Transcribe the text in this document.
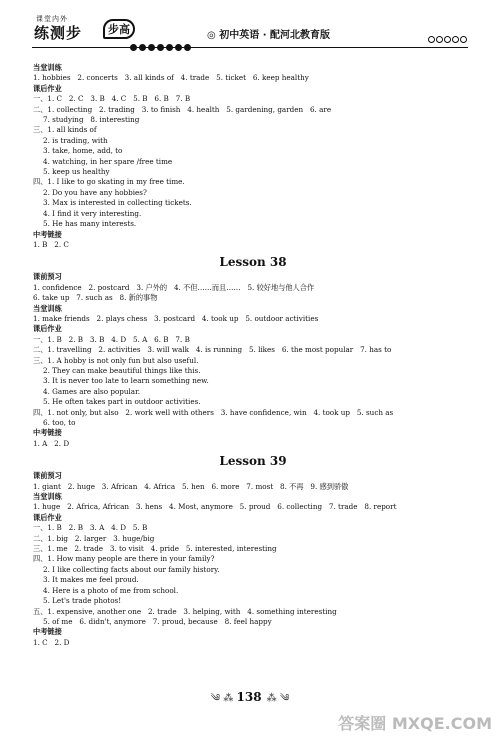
课堂内外
练测步	步高	◎ 初中英语 · 配河北教育版
当堂训练
1. hobbies   2. concerts   3. all kinds of   4. trade   5. ticket   6. keep healthy
课后作业
一、1. C   2. C   3. B   4. C   5. B   6. B   7. B
二、1. collecting   2. trading   3. to finish   4. health   5. gardening, garden   6. are
7. studying   8. interesting
三、1. all kinds of
2. is trading, with
3. take, home, add, to
4. watching, in her spare /free time
5. keep us healthy
四、1. I like to go skating in my free time.
2. Do you have any hobbies?
3. Max is interested in collecting tickets.
4. I find it very interesting.
5. He has many interests.
中考链接
1. B   2. C
Lesson 38
课前预习
1. confidence   2. postcard   3. 户外的   4. 不但……而且……   5. 较好地与他人合作
6. take up   7. such as   8. 新的事物
当堂训练
1. make friends   2. plays chess   3. postcard   4. took up   5. outdoor activities
课后作业
一、1. B   2. B   3. B   4. D   5. A   6. B   7. B
二、1. travelling   2. activities   3. will walk   4. is running   5. likes   6. the most popular   7. has to
三、1. A hobby is not only fun but also useful.
2. They can make beautiful things like this.
3. It is never too late to learn something new.
4. Games are also popular.
5. He often takes part in outdoor activities.
四、1. not only, but also   2. work well with others   3. have confidence, win   4. took up   5. such as
6. too, to
中考链接
1. A   2. D
Lesson 39
课前预习
1. giant   2. huge   3. African   4. Africa   5. hen   6. more   7. most   8. 不再   9. 感到骄傲
当堂训练
1. huge   2. Africa, African   3. hens   4. Most, anymore   5. proud   6. collecting   7. trade   8. report
课后作业
一、1. B   2. B   3. A   4. D   5. B
二、1. big   2. larger   3. huge/big
三、1. me   2. trade   3. to visit   4. pride   5. interested, interesting
四、1. How many people are there in your family?
2. I like collecting facts about our family history.
3. It makes me feel proud.
4. Here is a photo of me from school.
5. Let's trade photos!
五、1. expensive, another one   2. trade   3. helping, with   4. something interesting
5. of me   6. didn't, anymore   7. proud, because   8. feel happy
中考链接
1. C   2. D
༄ ⁂ 138 ⁂ ༄
答案圈 MXQE.COM
